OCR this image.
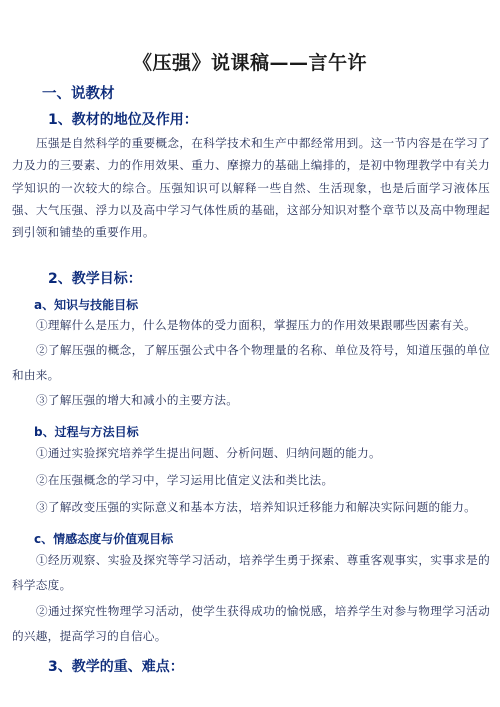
《压强》说课稿——言午许
一、说教材
1、教材的地位及作用：
压强是自然科学的重要概念，在科学技术和生产中都经常用到。这一节内容是在学习了力及力的三要素、力的作用效果、重力、摩擦力的基础上编排的，是初中物理教学中有关力学知识的一次较大的综合。压强知识可以解释一些自然、生活现象，也是后面学习液体压强、大气压强、浮力以及高中学习气体性质的基础，这部分知识对整个章节以及高中物理起到引领和铺垫的重要作用。
2、教学目标：
a、知识与技能目标
①理解什么是压力，什么是物体的受力面积，掌握压力的作用效果跟哪些因素有关。
②了解压强的概念，了解压强公式中各个物理量的名称、单位及符号，知道压强的单位和由来。
③了解压强的增大和减小的主要方法。
b、过程与方法目标
①通过实验探究培养学生提出问题、分析问题、归纳问题的能力。
②在压强概念的学习中，学习运用比值定义法和类比法。
③了解改变压强的实际意义和基本方法，培养知识迁移能力和解决实际问题的能力。
c、情感态度与价值观目标
①经历观察、实验及探究等学习活动，培养学生勇于探索、尊重客观事实，实事求是的科学态度。
②通过探究性物理学习活动，使学生获得成功的愉悦感，培养学生对参与物理学习活动的兴趣，提高学习的自信心。
3、教学的重、难点：
